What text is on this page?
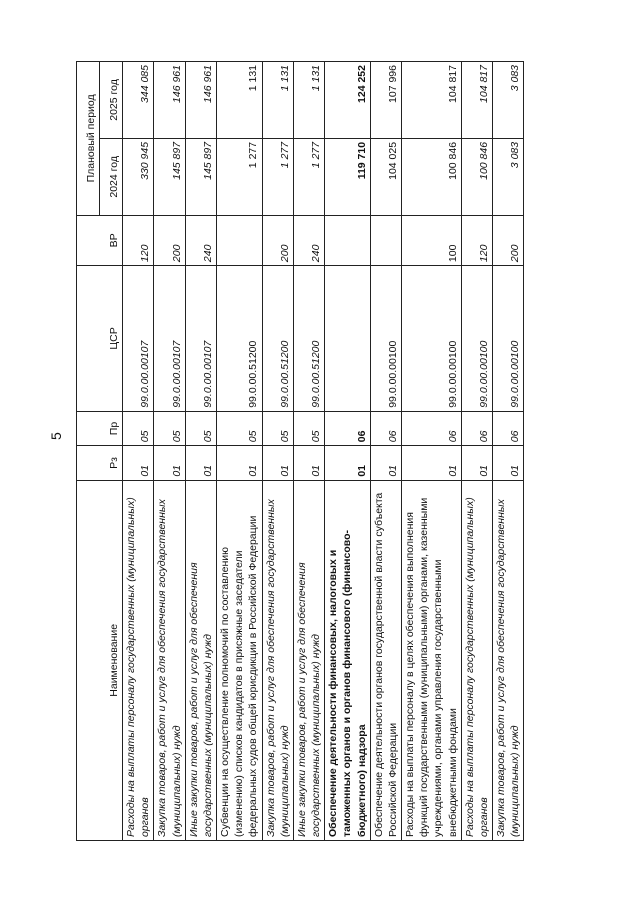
5
Наименование	Рз	Пр	ЦСР	ВР	Плановый период	
					2024 год	2025 год
Расходы на выплаты персоналу государственных (муниципальных) органов	01	05	99.0.00.00107	120	330 945	344 085
Закупка товаров, работ и услуг для обеспечения государственных (муниципальных) нужд	01	05	99.0.00.00107	200	145 897	146 961
Иные закупки товаров, работ и услуг для обеспечения государственных (муниципальных) нужд	01	05	99.0.00.00107	240	145 897	146 961
Субвенции на осуществление полномочий по составлению (изменению) списков кандидатов в присяжные заседатели федеральных судов общей юрисдикции в Российской Федерации	01	05	99.0.00.51200		1 277	1 131
Закупка товаров, работ и услуг для обеспечения государственных (муниципальных) нужд	01	05	99.0.00.51200	200	1 277	1 131
Иные закупки товаров, работ и услуг для обеспечения государственных (муниципальных) нужд	01	05	99.0.00.51200	240	1 277	1 131
Обеспечение деятельности финансовых, налоговых и таможенных органов и органов финансового (финансово-бюджетного) надзора	01	06			119 710	124 252
Обеспечение деятельности органов государственной власти субъекта Российской Федерации	01	06	99.0.00.00100		104 025	107 996
Расходы на выплаты персоналу в целях обеспечения выполнения функций государственными (муниципальными) органами, казенными учреждениями, органами управления государственными внебюджетными фондами	01	06	99.0.00.00100	100	100 846	104 817
Расходы на выплаты персоналу государственных (муниципальных) органов	01	06	99.0.00.00100	120	100 846	104 817
Закупка товаров, работ и услуг для обеспечения государственных (муниципальных) нужд	01	06	99.0.00.00100	200	3 083	3 083
